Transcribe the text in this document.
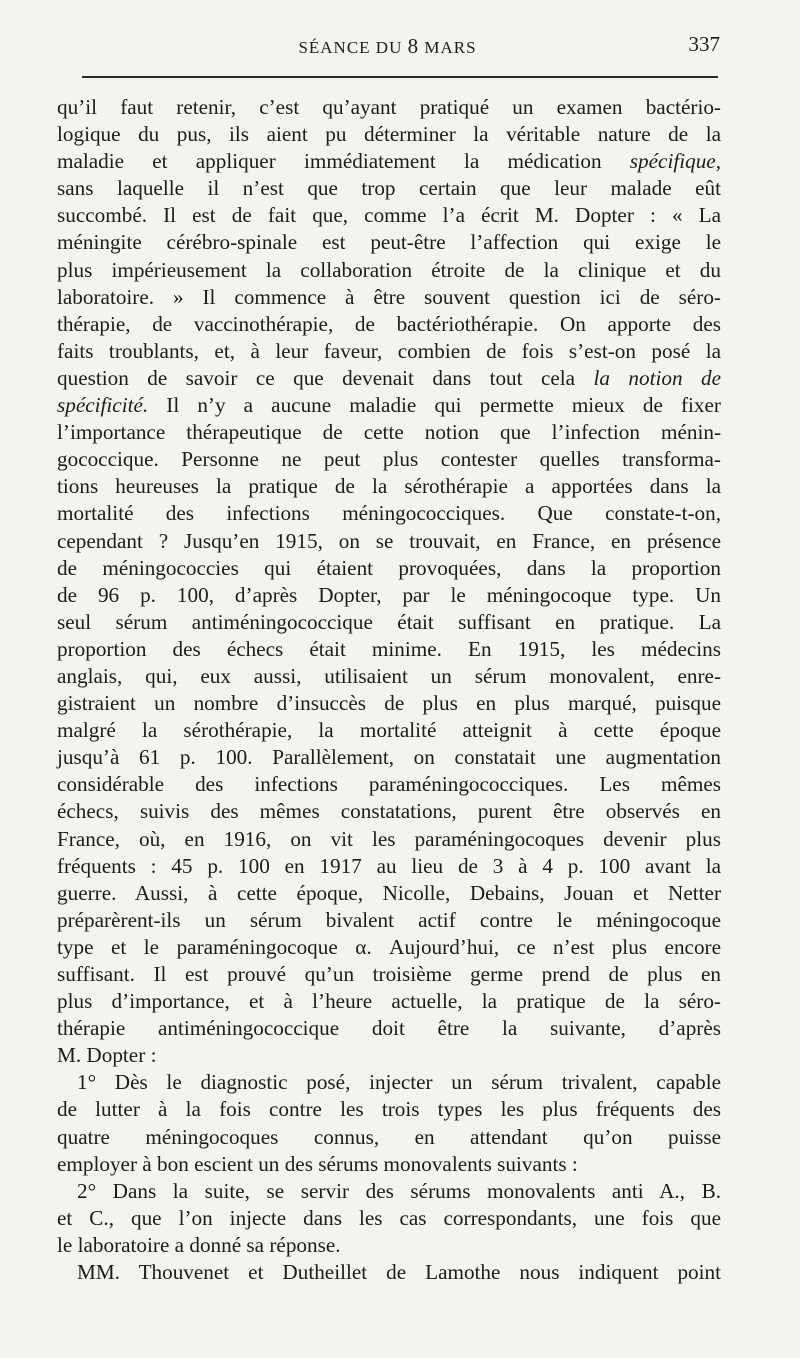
SÉANCE DU 8 MARS	337
qu’il faut retenir, c’est qu’ayant pratiqué un examen bactério-
logique du pus, ils aient pu déterminer la véritable nature de la
maladie et appliquer immédiatement la médication spécifique,
sans laquelle il n’est que trop certain que leur malade eût
succombé. Il est de fait que, comme l’a écrit M. Dopter : « La
méningite cérébro-spinale est peut-être l’affection qui exige le
plus impérieusement la collaboration étroite de la clinique et du
laboratoire. » Il commence à être souvent question ici de séro-
thérapie, de vaccinothérapie, de bactériothérapie. On apporte des
faits troublants, et, à leur faveur, combien de fois s’est-on posé la
question de savoir ce que devenait dans tout cela la notion de
spécificité. Il n’y a aucune maladie qui permette mieux de fixer
l’importance thérapeutique de cette notion que l’infection ménin-
gococcique. Personne ne peut plus contester quelles transforma-
tions heureuses la pratique de la sérothérapie a apportées dans la
mortalité des infections méningococciques. Que constate-t-on,
cependant ? Jusqu’en 1915, on se trouvait, en France, en présence
de méningococcies qui étaient provoquées, dans la proportion
de 96 p. 100, d’après Dopter, par le méningocoque type. Un
seul sérum antiméningococcique était suffisant en pratique. La
proportion des échecs était minime. En 1915, les médecins
anglais, qui, eux aussi, utilisaient un sérum monovalent, enre-
gistraient un nombre d’insuccès de plus en plus marqué, puisque
malgré la sérothérapie, la mortalité atteignit à cette époque
jusqu’à 61 p. 100. Parallèlement, on constatait une augmentation
considérable des infections paraméningococciques. Les mêmes
échecs, suivis des mêmes constatations, purent être observés en
France, où, en 1916, on vit les paraméningocoques devenir plus
fréquents : 45 p. 100 en 1917 au lieu de 3 à 4 p. 100 avant la
guerre. Aussi, à cette époque, Nicolle, Debains, Jouan et Netter
préparèrent-ils un sérum bivalent actif contre le méningocoque
type et le paraméningocoque α. Aujourd’hui, ce n’est plus encore
suffisant. Il est prouvé qu’un troisième germe prend de plus en
plus d’importance, et à l’heure actuelle, la pratique de la séro-
thérapie antiméningococcique doit être la suivante, d’après
M. Dopter :
1° Dès le diagnostic posé, injecter un sérum trivalent, capable
de lutter à la fois contre les trois types les plus fréquents des
quatre méningocoques connus, en attendant qu’on puisse
employer à bon escient un des sérums monovalents suivants :
2° Dans la suite, se servir des sérums monovalents anti A., B.
et C., que l’on injecte dans les cas correspondants, une fois que
le laboratoire a donné sa réponse.
MM. Thouvenet et Dutheillet de Lamothe nous indiquent point
